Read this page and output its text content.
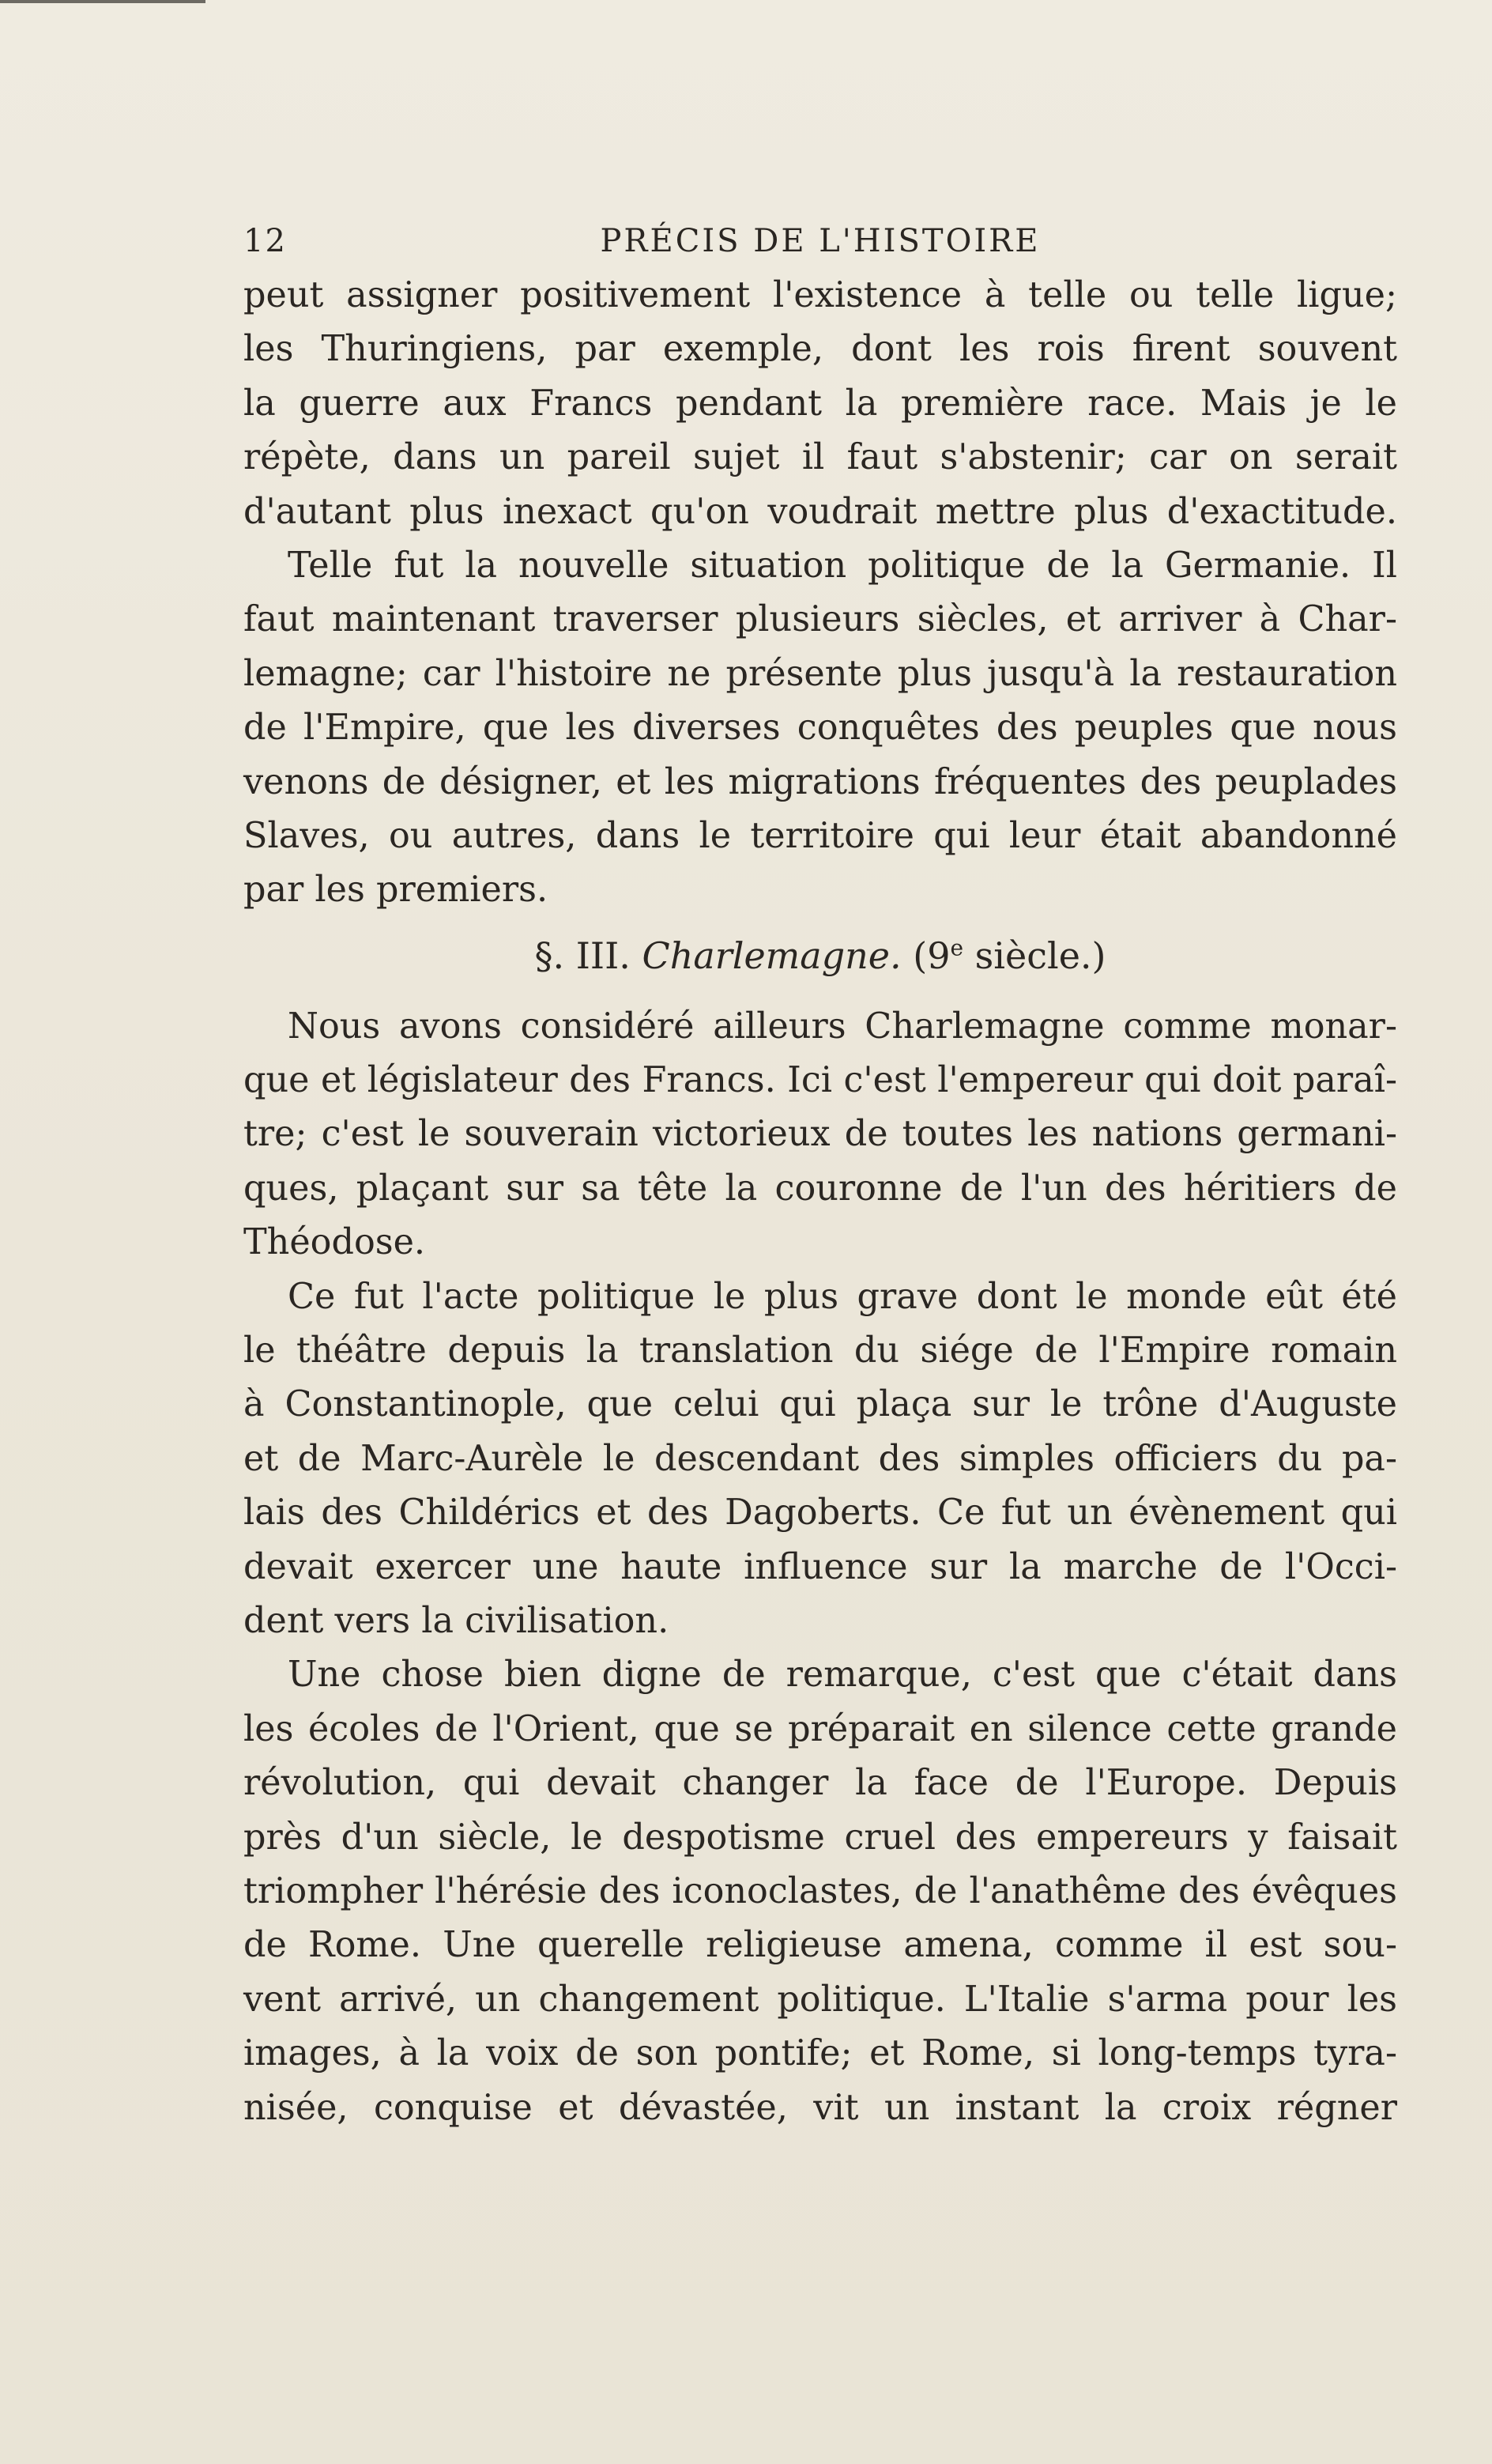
12	PRÉCIS DE L'HISTOIRE

peut assigner positivement l'existence à telle ou telle ligue;
les Thuringiens, par exemple, dont les rois firent souvent
la guerre aux Francs pendant la première race. Mais je le
répète, dans un pareil sujet il faut s'abstenir; car on serait
d'autant plus inexact qu'on voudrait mettre plus d'exactitude.

Telle fut la nouvelle situation politique de la Germanie. Il
faut maintenant traverser plusieurs siècles, et arriver à Char-
lemagne; car l'histoire ne présente plus jusqu'à la restauration
de l'Empire, que les diverses conquêtes des peuples que nous
venons de désigner, et les migrations fréquentes des peuplades
Slaves, ou autres, dans le territoire qui leur était abandonné
par les premiers.

§. III. Charlemagne. (9e siècle.)

Nous avons considéré ailleurs Charlemagne comme monar-
que et législateur des Francs. Ici c'est l'empereur qui doit paraî-
tre; c'est le souverain victorieux de toutes les nations germani-
ques, plaçant sur sa tête la couronne de l'un des héritiers de
Théodose.

Ce fut l'acte politique le plus grave dont le monde eût été
le théâtre depuis la translation du siége de l'Empire romain
à Constantinople, que celui qui plaça sur le trône d'Auguste
et de Marc-Aurèle le descendant des simples officiers du pa-
lais des Childérics et des Dagoberts. Ce fut un évènement qui
devait exercer une haute influence sur la marche de l'Occi-
dent vers la civilisation.

Une chose bien digne de remarque, c'est que c'était dans
les écoles de l'Orient, que se préparait en silence cette grande
révolution, qui devait changer la face de l'Europe. Depuis
près d'un siècle, le despotisme cruel des empereurs y faisait
triompher l'hérésie des iconoclastes, de l'anathême des évêques
de Rome. Une querelle religieuse amena, comme il est sou-
vent arrivé, un changement politique. L'Italie s'arma pour les
images, à la voix de son pontife; et Rome, si long-temps tyra-
nisée, conquise et dévastée, vit un instant la croix régner
